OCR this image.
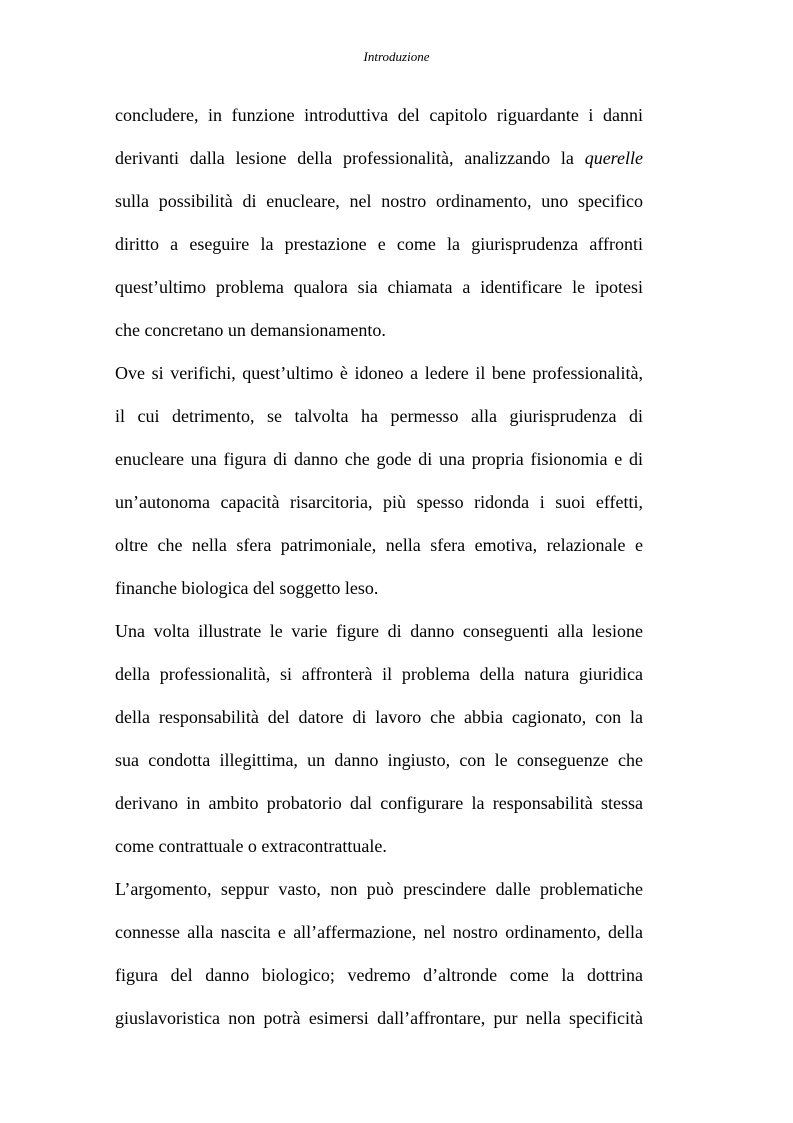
Introduzione
concludere, in funzione introduttiva del capitolo riguardante i danni
derivanti dalla lesione della professionalità, analizzando la querelle
sulla possibilità di enucleare, nel nostro ordinamento, uno specifico
diritto a eseguire la prestazione e come la giurisprudenza affronti
quest’ultimo problema qualora sia chiamata a identificare le ipotesi
che concretano un demansionamento.
Ove si verifichi, quest’ultimo è idoneo a ledere il bene professionalità,
il cui detrimento, se talvolta ha permesso alla giurisprudenza di
enucleare una figura di danno che gode di una propria fisionomia e di
un’autonoma capacità risarcitoria, più spesso ridonda i suoi effetti,
oltre che nella sfera patrimoniale, nella sfera emotiva, relazionale e
finanche biologica del soggetto leso.
Una volta illustrate le varie figure di danno conseguenti alla lesione
della professionalità, si affronterà il problema della natura giuridica
della responsabilità del datore di lavoro che abbia cagionato, con la
sua condotta illegittima, un danno ingiusto, con le conseguenze che
derivano in ambito probatorio dal configurare la responsabilità stessa
come contrattuale o extracontrattuale.
L’argomento, seppur vasto, non può prescindere dalle problematiche
connesse alla nascita e all’affermazione, nel nostro ordinamento, della
figura del danno biologico; vedremo d’altronde come la dottrina
giuslavoristica non potrà esimersi dall’affrontare, pur nella specificità
